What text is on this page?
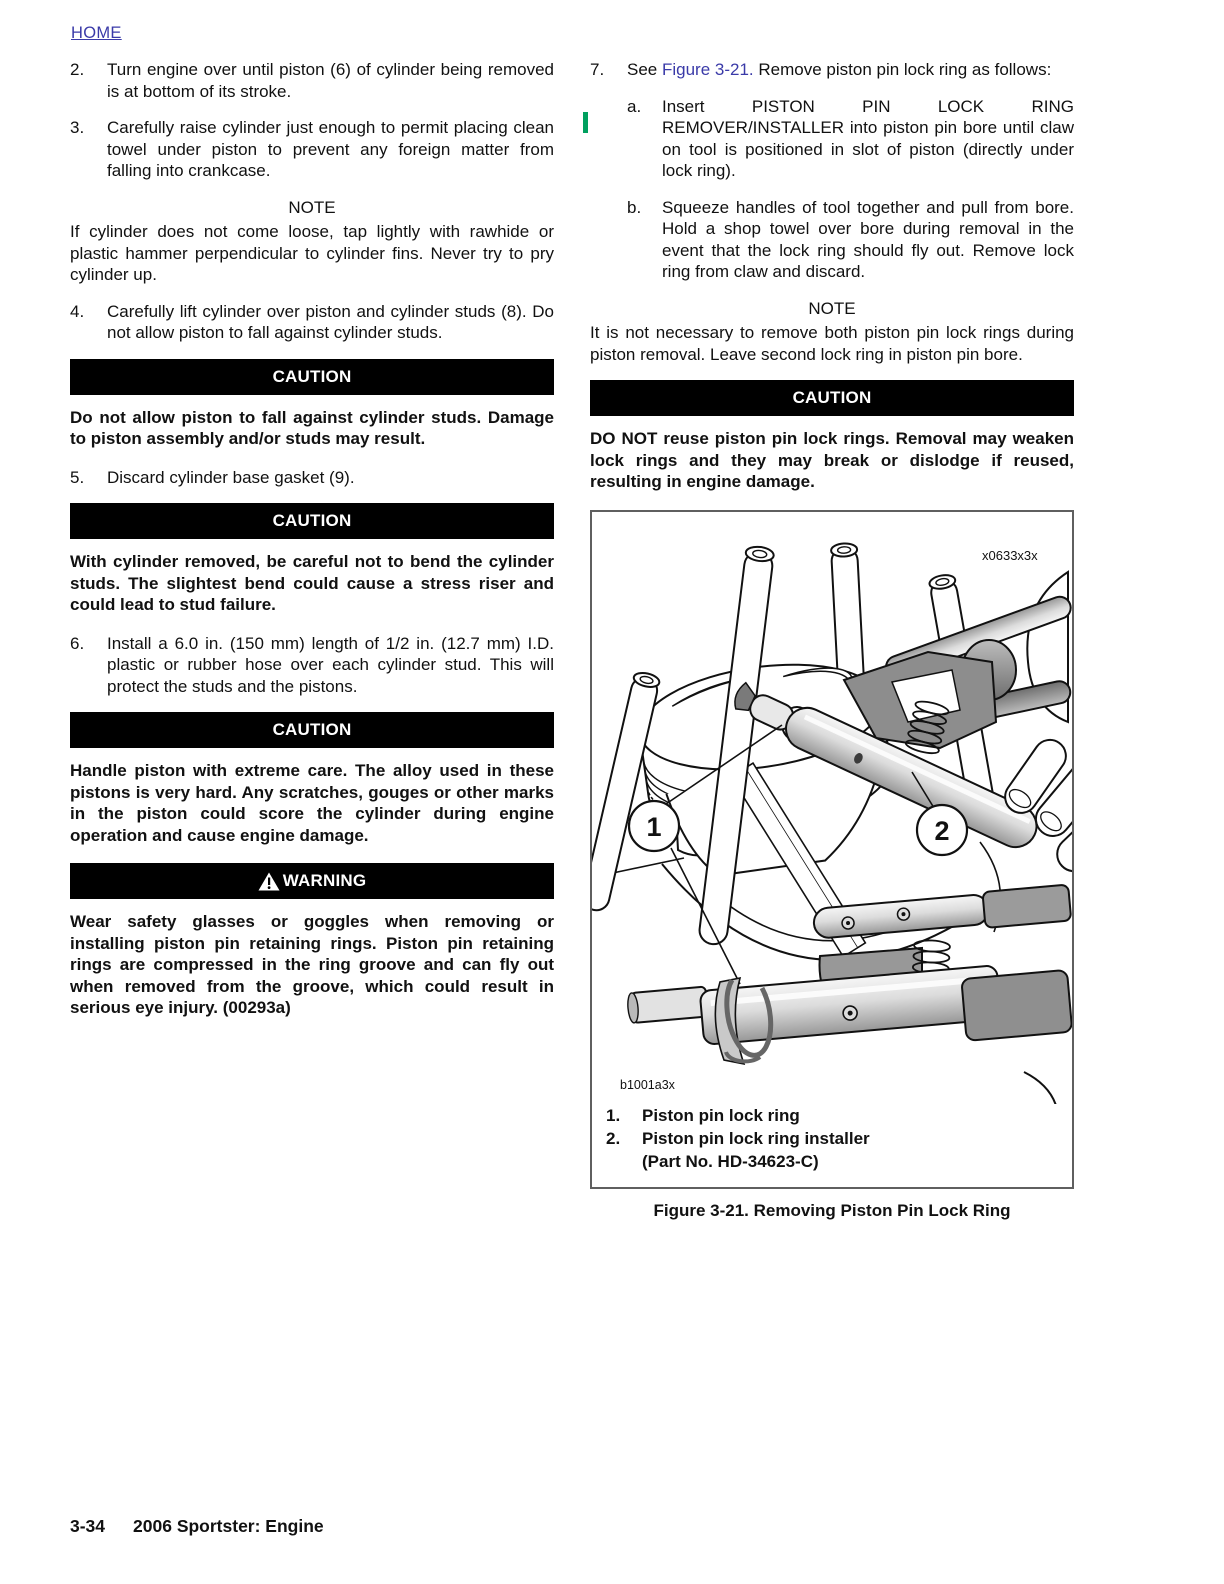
HOME
2.	Turn engine over until piston (6) of cylinder being removed is at bottom of its stroke.
3.	Carefully raise cylinder just enough to permit placing clean towel under piston to prevent any foreign matter from falling into crankcase.
NOTE

If cylinder does not come loose, tap lightly with rawhide or plastic hammer perpendicular to cylinder fins. Never try to pry cylinder up.

4.	Carefully lift cylinder over piston and cylinder studs (8). Do not allow piston to fall against cylinder studs.
CAUTION

Do not allow piston to fall against cylinder studs. Damage to piston assembly and/or studs may result.

5.	Discard cylinder base gasket (9).
CAUTION

With cylinder removed, be careful not to bend the cylinder studs. The slightest bend could cause a stress riser and could lead to stud failure.

6.	Install a 6.0 in. (150 mm) length of 1/2 in. (12.7 mm) I.D. plastic or rubber hose over each cylinder stud. This will protect the studs and the pistons.
CAUTION

Handle piston with extreme care. The alloy used in these pistons is very hard. Any scratches, gouges or other marks in the piston could score the cylinder during engine operation and cause engine damage.

WARNING

Wear safety glasses or goggles when removing or installing piston pin retaining rings. Piston pin retaining rings are compressed in the ring groove and can fly out when removed from the groove, which could result in serious eye injury. (00293a)

7.	See Figure 3-21. Remove piston pin lock ring as follows:
a.	Insert PISTON PIN LOCK RING REMOVER/INSTALLER into piston pin bore until claw on tool is positioned in slot of piston (directly under lock ring).
b.	Squeeze handles of tool together and pull from bore. Hold a shop towel over bore during removal in the event that the lock ring should fly out. Remove lock ring from claw and discard.
NOTE

It is not necessary to remove both piston pin lock rings during piston removal. Leave second lock ring in piston pin bore.

CAUTION

DO NOT reuse piston pin lock rings. Removal may weaken lock rings and they may break or dislodge if reused, resulting in engine damage.

1	2
x0633x3x
b1001a3x
1.	Piston pin lock ring
2.	Piston pin lock ring installer
(Part No. HD-34623-C)
Figure 3-21. Removing Piston Pin Lock Ring
3-34 2006 Sportster: Engine
